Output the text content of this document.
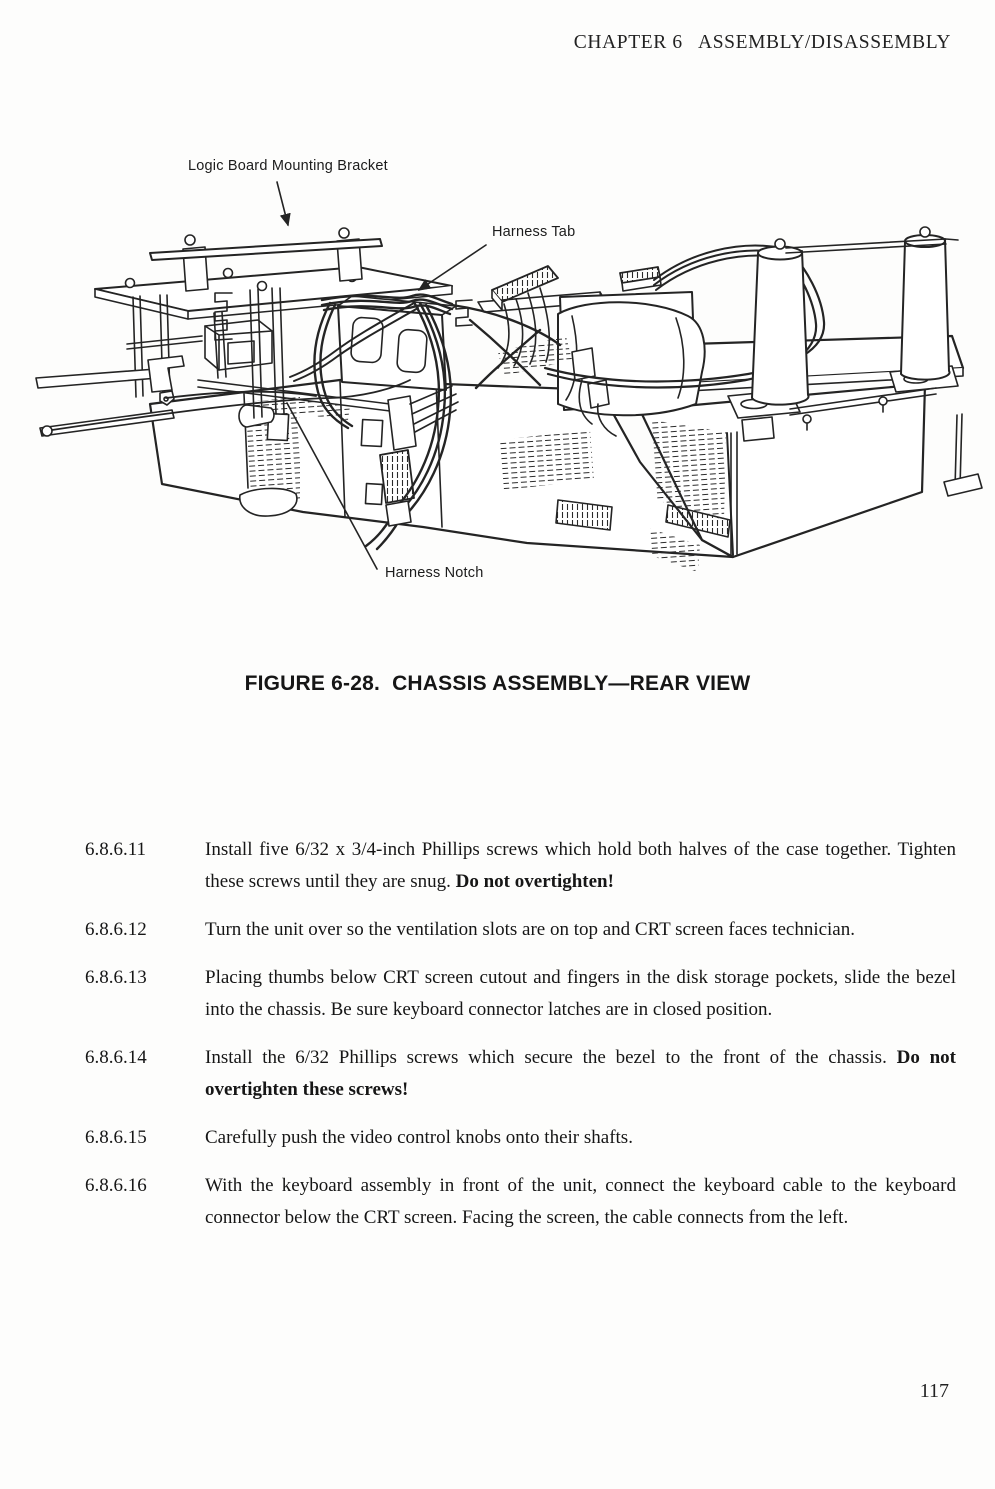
CHAPTER 6   ASSEMBLY/DISASSEMBLY
Logic Board Mounting Bracket
Harness Tab
Harness Notch
FIGURE 6-28.  CHASSIS ASSEMBLY—REAR VIEW
6.8.6.11	Install five 6/32 x 3/4-inch Phillips screws which hold both halves of the case together. Tighten these screws until they are snug. Do not overtighten!
6.8.6.12	Turn the unit over so the ventilation slots are on top and CRT screen faces technician.
6.8.6.13	Placing thumbs below CRT screen cutout and fingers in the disk storage pockets, slide the bezel into the chassis. Be sure keyboard connector latches are in closed position.
6.8.6.14	Install the 6/32 Phillips screws which secure the bezel to the front of the chassis. Do not overtighten these screws!
6.8.6.15	Carefully push the video control knobs onto their shafts.
6.8.6.16	With the keyboard assembly in front of the unit, connect the keyboard cable to the keyboard connector below the CRT screen. Facing the screen, the cable connects from the left.
117
